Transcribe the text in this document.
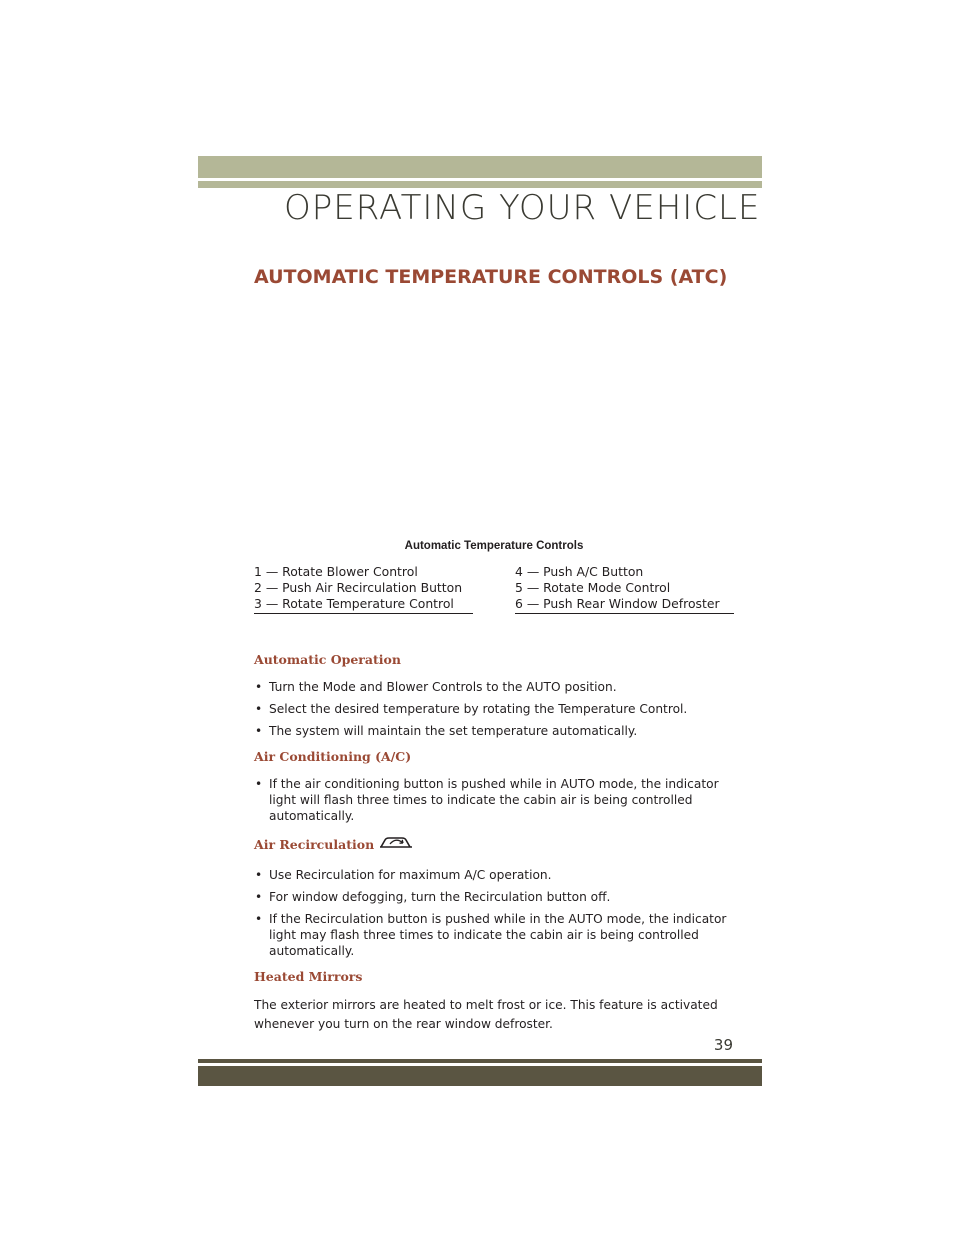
OPERATING YOUR VEHICLE
AUTOMATIC TEMPERATURE CONTROLS (ATC)
Automatic Temperature Controls
1 — Rotate Blower Control
2 — Push Air Recirculation Button
3 — Rotate Temperature Control
4 — Push A/C Button
5 — Rotate Mode Control
6 — Push Rear Window Defroster
Automatic Operation
• Turn the Mode and Blower Controls to the AUTO position.
• Select the desired temperature by rotating the Temperature Control.
• The system will maintain the set temperature automatically.
Air Conditioning (A/C)
• If the air conditioning button is pushed while in AUTO mode, the indicator light will flash three times to indicate the cabin air is being controlled automatically.
Air Recirculation
• Use Recirculation for maximum A/C operation.
• For window defogging, turn the Recirculation button off.
• If the Recirculation button is pushed while in the AUTO mode, the indicator light may flash three times to indicate the cabin air is being controlled automatically.
Heated Mirrors

The exterior mirrors are heated to melt frost or ice. This feature is activated whenever you turn on the rear window defroster.

39
